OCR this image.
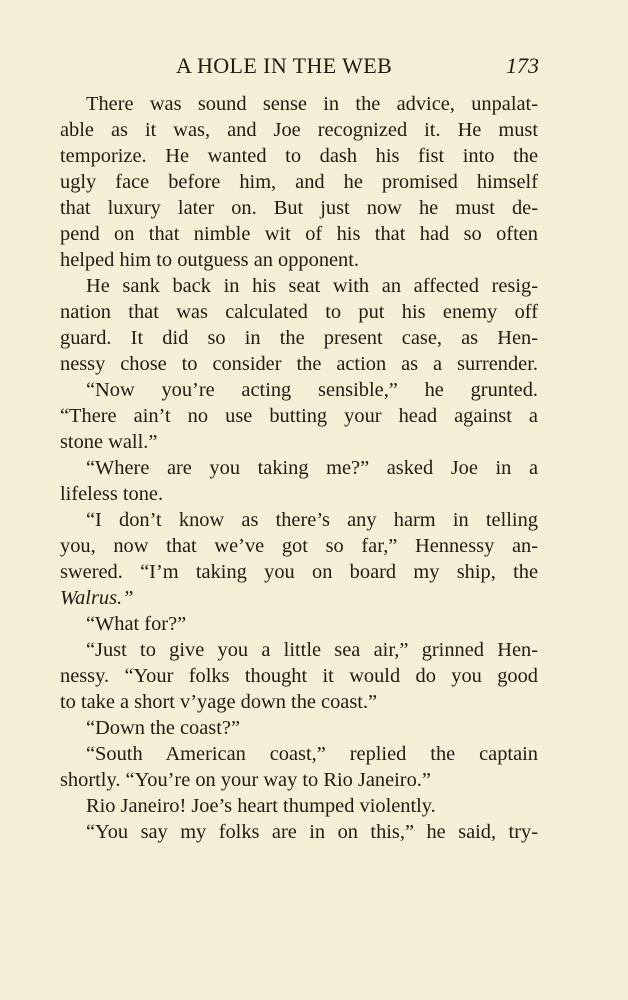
A HOLE IN THE WEB	173
There was sound sense in the advice, unpalat-
able as it was, and Joe recognized it. He must
temporize. He wanted to dash his fist into the
ugly face before him, and he promised himself
that luxury later on. But just now he must de-
pend on that nimble wit of his that had so often
helped him to outguess an opponent.
He sank back in his seat with an affected resig-
nation that was calculated to put his enemy off
guard. It did so in the present case, as Hen-
nessy chose to consider the action as a surrender.
“Now you’re acting sensible,” he grunted.
“There ain’t no use butting your head against a
stone wall.”
“Where are you taking me?” asked Joe in a
lifeless tone.
“I don’t know as there’s any harm in telling
you, now that we’ve got so far,” Hennessy an-
swered. “I’m taking you on board my ship, the
Walrus.”
“What for?”
“Just to give you a little sea air,” grinned Hen-
nessy. “Your folks thought it would do you good
to take a short v’yage down the coast.”
“Down the coast?”
“South American coast,” replied the captain
shortly. “You’re on your way to Rio Janeiro.”
Rio Janeiro! Joe’s heart thumped violently.
“You say my folks are in on this,” he said, try-
